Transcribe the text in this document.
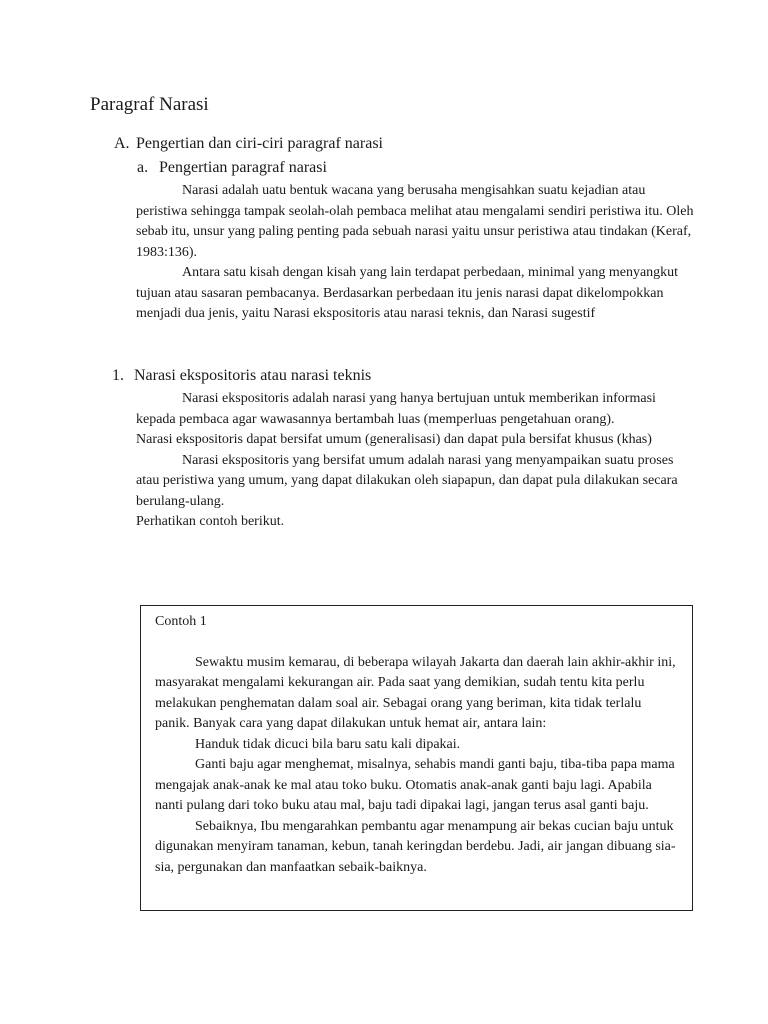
Paragraf Narasi
A. Pengertian dan ciri-ciri paragraf narasi
a. Pengertian paragraf narasi

Narasi adalah uatu bentuk wacana yang berusaha mengisahkan suatu kejadian atau peristiwa sehingga tampak seolah-olah pembaca melihat atau mengalami sendiri peristiwa itu. Oleh sebab itu, unsur yang paling penting pada sebuah narasi yaitu unsur peristiwa atau tindakan (Keraf, 1983:136).

Antara satu kisah dengan kisah yang lain terdapat perbedaan, minimal yang menyangkut tujuan atau sasaran pembacanya. Berdasarkan perbedaan itu jenis narasi dapat dikelompokkan menjadi dua jenis, yaitu Narasi ekspositoris atau narasi teknis, dan Narasi sugestif

1. Narasi ekspositoris atau narasi teknis

Narasi ekspositoris adalah narasi yang hanya bertujuan untuk memberikan informasi kepada pembaca agar wawasannya bertambah luas (memperluas pengetahuan orang).

Narasi ekspositoris dapat bersifat umum (generalisasi) dan dapat pula bersifat khusus (khas)

Narasi ekspositoris yang bersifat umum adalah narasi yang menyampaikan suatu proses atau peristiwa yang umum, yang dapat dilakukan oleh siapapun, dan dapat pula dilakukan secara berulang-ulang.

Perhatikan contoh berikut.

Contoh 1

Sewaktu musim kemarau, di beberapa wilayah Jakarta dan daerah lain akhir-akhir ini, masyarakat mengalami kekurangan air. Pada saat yang demikian, sudah tentu kita perlu melakukan penghematan dalam soal air. Sebagai orang yang beriman, kita tidak terlalu panik. Banyak cara yang dapat dilakukan untuk hemat air, antara lain:

Handuk tidak dicuci bila baru satu kali dipakai.

Ganti baju agar menghemat, misalnya, sehabis mandi ganti baju, tiba-tiba papa mama mengajak anak-anak ke mal atau toko buku. Otomatis anak-anak ganti baju lagi. Apabila nanti pulang dari toko buku atau mal, baju tadi dipakai lagi, jangan terus asal ganti baju.

Sebaiknya, Ibu mengarahkan pembantu agar menampung air bekas cucian baju untuk digunakan menyiram tanaman, kebun, tanah keringdan berdebu. Jadi, air jangan dibuang sia-sia, pergunakan dan manfaatkan sebaik-baiknya.
